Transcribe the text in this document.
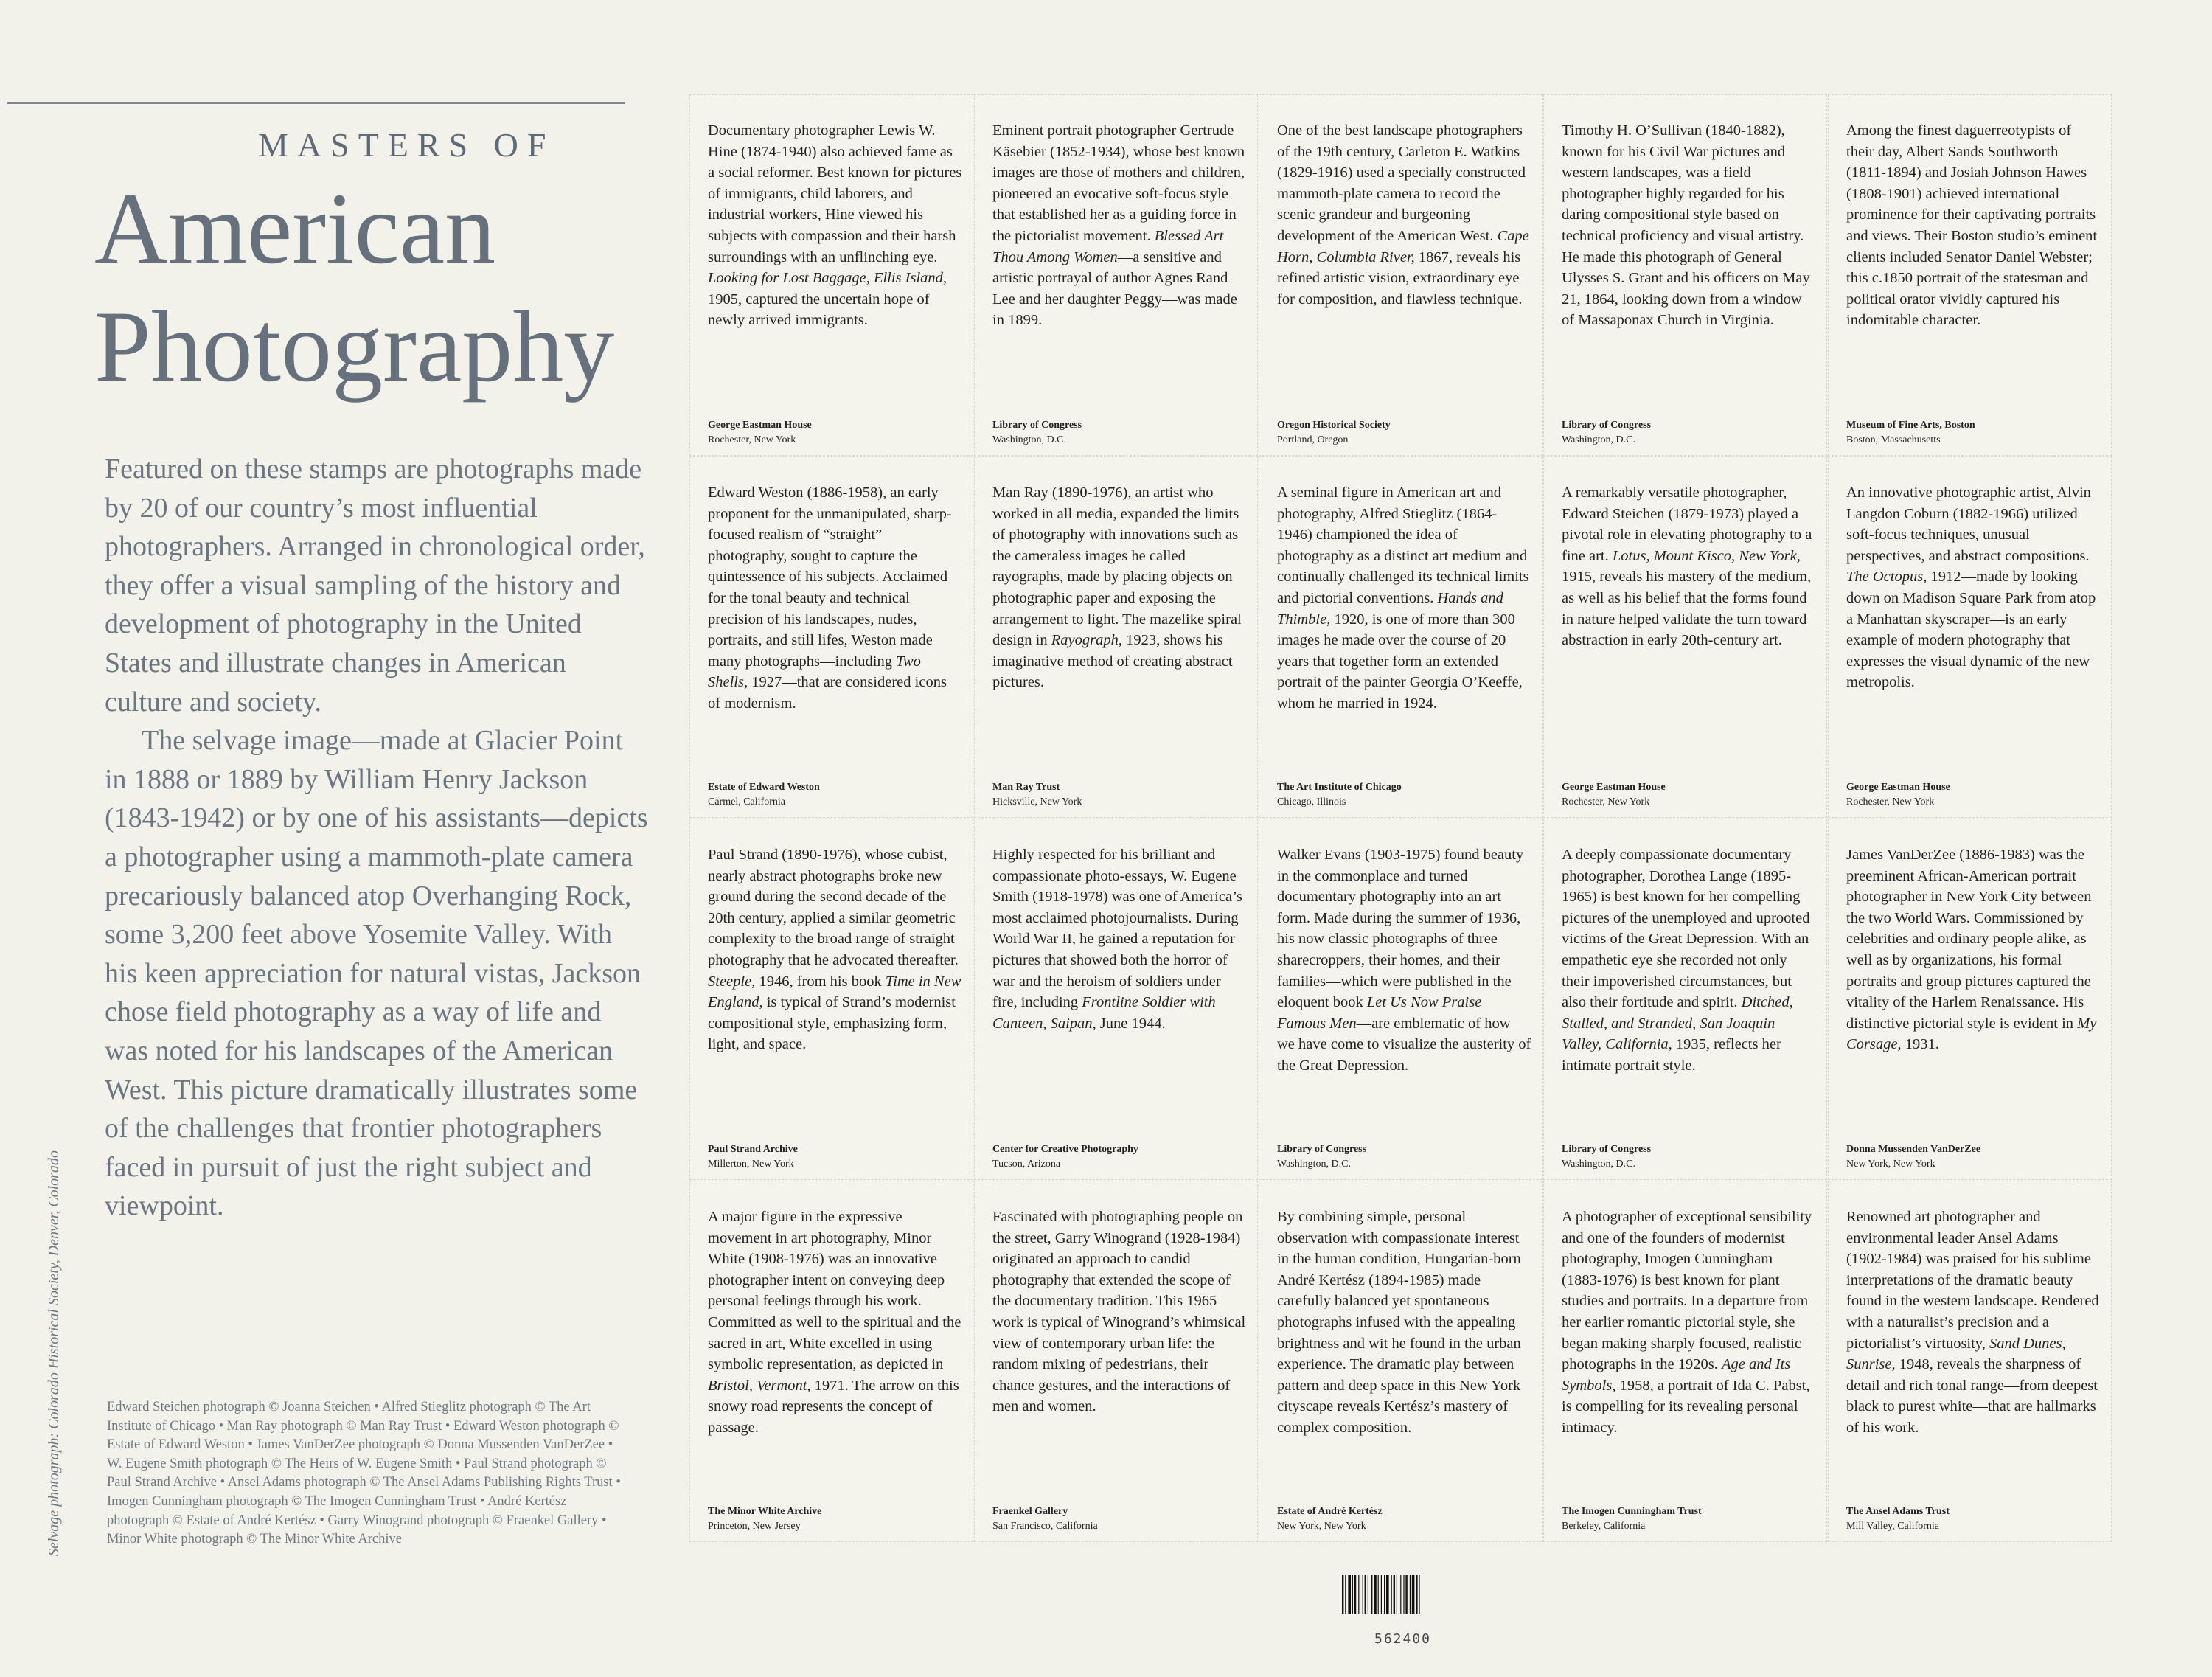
MASTERS OF
American
Photography

Featured on these stamps are photographs made by 20 of our country’s most influential photographers. Arranged in chronological order, they offer a visual sampling of the history and development of photography in the United States and illustrate changes in American culture and society.

The selvage image—made at Glacier Point in 1888 or 1889 by William Henry Jackson (1843-1942) or by one of his assistants—depicts a photographer using a mammoth-plate camera precariously balanced atop Overhanging Rock, some 3,200 feet above Yosemite Valley. With his keen appreciation for natural vistas, Jackson chose field photography as a way of life and was noted for his landscapes of the American West. This picture dramatically illustrates some of the challenges that frontier photographers faced in pursuit of just the right subject and viewpoint.

Selvage photograph: Colorado Historical Society, Denver, Colorado	Edward Steichen photograph © Joanna Steichen • Alfred Stieglitz photograph © The Art Institute of Chicago • Man Ray photograph © Man Ray Trust • Edward Weston photograph © Estate of Edward Weston • James VanDerZee photograph © Donna Mussenden VanDerZee • W. Eugene Smith photograph © The Heirs of W. Eugene Smith • Paul Strand photograph © Paul Strand Archive • Ansel Adams photograph © The Ansel Adams Publishing Rights Trust • Imogen Cunningham photograph © The Imogen Cunningham Trust • André Kertész photograph © Estate of André Kertész • Garry Winogrand photograph © Fraenkel Gallery • Minor White photograph © The Minor White Archive

Documentary photographer Lewis W. Hine (1874-1940) also achieved fame as a social reformer. Best known for pictures of immigrants, child laborers, and industrial workers, Hine viewed his subjects with compassion and their harsh surroundings with an unflinching eye. Looking for Lost Baggage, Ellis Island, 1905, captured the uncertain hope of newly arrived immigrants.

George Eastman House
Rochester, New York

Eminent portrait photographer Gertrude Käsebier (1852-1934), whose best known images are those of mothers and children, pioneered an evocative soft-focus style that established her as a guiding force in the pictorialist movement. Blessed Art Thou Among Women—a sensitive and artistic portrayal of author Agnes Rand Lee and her daughter Peggy—was made in 1899.

Library of Congress
Washington, D.C.

One of the best landscape photographers of the 19th century, Carleton E. Watkins (1829-1916) used a specially constructed mammoth-plate camera to record the scenic grandeur and burgeoning development of the American West. Cape Horn, Columbia River, 1867, reveals his refined artistic vision, extraordinary eye for composition, and flawless technique.

Oregon Historical Society
Portland, Oregon

Timothy H. O’Sullivan (1840-1882), known for his Civil War pictures and western landscapes, was a field photographer highly regarded for his daring compositional style based on technical proficiency and visual artistry. He made this photograph of General Ulysses S. Grant and his officers on May 21, 1864, looking down from a window of Massaponax Church in Virginia.

Library of Congress
Washington, D.C.

Among the finest daguerreotypists of their day, Albert Sands Southworth (1811-1894) and Josiah Johnson Hawes (1808-1901) achieved international prominence for their captivating portraits and views. Their Boston studio’s eminent clients included Senator Daniel Webster; this c.1850 portrait of the statesman and political orator vividly captured his indomitable character.

Museum of Fine Arts, Boston
Boston, Massachusetts

Edward Weston (1886-1958), an early proponent for the unmanipulated, sharp-focused realism of “straight” photography, sought to capture the quintessence of his subjects. Acclaimed for the tonal beauty and technical precision of his landscapes, nudes, portraits, and still lifes, Weston made many photographs—including Two Shells, 1927—that are considered icons of modernism.

Estate of Edward Weston
Carmel, California

Man Ray (1890-1976), an artist who worked in all media, expanded the limits of photography with innovations such as the cameraless images he called rayographs, made by placing objects on photographic paper and exposing the arrangement to light. The mazelike spiral design in Rayograph, 1923, shows his imaginative method of creating abstract pictures.

Man Ray Trust
Hicksville, New York

A seminal figure in American art and photography, Alfred Stieglitz (1864-1946) championed the idea of photography as a distinct art medium and continually challenged its technical limits and pictorial conventions. Hands and Thimble, 1920, is one of more than 300 images he made over the course of 20 years that together form an extended portrait of the painter Georgia O’Keeffe, whom he married in 1924.

The Art Institute of Chicago
Chicago, Illinois

A remarkably versatile photographer, Edward Steichen (1879-1973) played a pivotal role in elevating photography to a fine art. Lotus, Mount Kisco, New York, 1915, reveals his mastery of the medium, as well as his belief that the forms found in nature helped validate the turn toward abstraction in early 20th-century art.

George Eastman House
Rochester, New York

An innovative photographic artist, Alvin Langdon Coburn (1882-1966) utilized soft-focus techniques, unusual perspectives, and abstract compositions. The Octopus, 1912—made by looking down on Madison Square Park from atop a Manhattan skyscraper—is an early example of modern photography that expresses the visual dynamic of the new metropolis.

George Eastman House
Rochester, New York

Paul Strand (1890-1976), whose cubist, nearly abstract photographs broke new ground during the second decade of the 20th century, applied a similar geometric complexity to the broad range of straight photography that he advocated thereafter. Steeple, 1946, from his book Time in New England, is typical of Strand’s modernist compositional style, emphasizing form, light, and space.

Paul Strand Archive
Millerton, New York

Highly respected for his brilliant and compassionate photo-essays, W. Eugene Smith (1918-1978) was one of America’s most acclaimed photojournalists. During World War II, he gained a reputation for pictures that showed both the horror of war and the heroism of soldiers under fire, including Frontline Soldier with Canteen, Saipan, June 1944.

Center for Creative Photography
Tucson, Arizona

Walker Evans (1903-1975) found beauty in the commonplace and turned documentary photography into an art form. Made during the summer of 1936, his now classic photographs of three sharecroppers, their homes, and their families—which were published in the eloquent book Let Us Now Praise Famous Men—are emblematic of how we have come to visualize the austerity of the Great Depression.

Library of Congress
Washington, D.C.

A deeply compassionate documentary photographer, Dorothea Lange (1895-1965) is best known for her compelling pictures of the unemployed and uprooted victims of the Great Depression. With an empathetic eye she recorded not only their impoverished circumstances, but also their fortitude and spirit. Ditched, Stalled, and Stranded, San Joaquin Valley, California, 1935, reflects her intimate portrait style.

Library of Congress
Washington, D.C.

James VanDerZee (1886-1983) was the preeminent African-American portrait photographer in New York City between the two World Wars. Commissioned by celebrities and ordinary people alike, as well as by organizations, his formal portraits and group pictures captured the vitality of the Harlem Renaissance. His distinctive pictorial style is evident in My Corsage, 1931.

Donna Mussenden VanDerZee
New York, New York

A major figure in the expressive movement in art photography, Minor White (1908-1976) was an innovative photographer intent on conveying deep personal feelings through his work. Committed as well to the spiritual and the sacred in art, White excelled in using symbolic representation, as depicted in Bristol, Vermont, 1971. The arrow on this snowy road represents the concept of passage.

The Minor White Archive
Princeton, New Jersey

Fascinated with photographing people on the street, Garry Winogrand (1928-1984) originated an approach to candid photography that extended the scope of the documentary tradition. This 1965 work is typical of Winogrand’s whimsical view of contemporary urban life: the random mixing of pedestrians, their chance gestures, and the interactions of men and women.

Fraenkel Gallery
San Francisco, California

By combining simple, personal observation with compassionate interest in the human condition, Hungarian-born André Kertész (1894-1985) made carefully balanced yet spontaneous photographs infused with the appealing brightness and wit he found in the urban experience. The dramatic play between pattern and deep space in this New York cityscape reveals Kertész’s mastery of complex composition.

Estate of André Kertész
New York, New York

A photographer of exceptional sensibility and one of the founders of modernist photography, Imogen Cunningham (1883-1976) is best known for plant studies and portraits. In a departure from her earlier romantic pictorial style, she began making sharply focused, realistic photographs in the 1920s. Age and Its Symbols, 1958, a portrait of Ida C. Pabst, is compelling for its revealing personal intimacy.

The Imogen Cunningham Trust
Berkeley, California

Renowned art photographer and environmental leader Ansel Adams (1902-1984) was praised for his sublime interpretations of the dramatic beauty found in the western landscape. Rendered with a naturalist’s precision and a pictorialist’s virtuosity, Sand Dunes, Sunrise, 1948, reveals the sharpness of detail and rich tonal range—from deepest black to purest white—that are hallmarks of his work.

The Ansel Adams Trust
Mill Valley, California
562400
